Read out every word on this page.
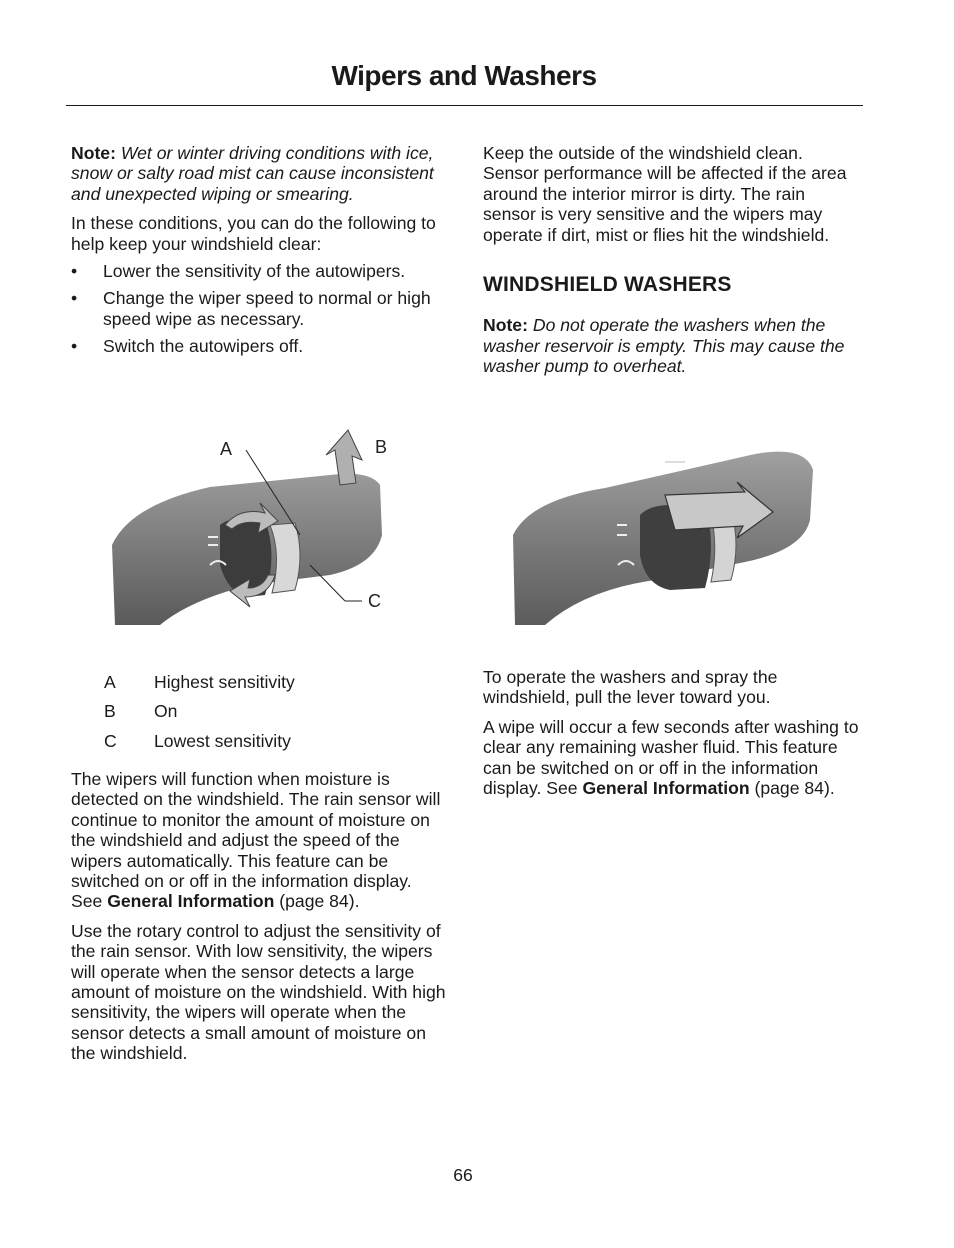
Wipers and Washers

Note: Wet or winter driving conditions with ice, snow or salty road mist can cause inconsistent and unexpected wiping or smearing.

In these conditions, you can do the following to help keep your windshield clear:

• Lower the sensitivity of the autowipers.
• Change the wiper speed to normal or high speed wipe as necessary.
• Switch the autowipers off.
A	B
C
A	Highest sensitivity
B	On
C	Lowest sensitivity

The wipers will function when moisture is detected on the windshield. The rain sensor will continue to monitor the amount of moisture on the windshield and adjust the speed of the wipers automatically. This feature can be switched on or off in the information display. See General Information (page 84).

Use the rotary control to adjust the sensitivity of the rain sensor. With low sensitivity, the wipers will operate when the sensor detects a large amount of moisture on the windshield. With high sensitivity, the wipers will operate when the sensor detects a small amount of moisture on the windshield.

Keep the outside of the windshield clean. Sensor performance will be affected if the area around the interior mirror is dirty. The rain sensor is very sensitive and the wipers may operate if dirt, mist or flies hit the windshield.

WINDSHIELD WASHERS

Note: Do not operate the washers when the washer reservoir is empty. This may cause the washer pump to overheat.

To operate the washers and spray the windshield, pull the lever toward you.

A wipe will occur a few seconds after washing to clear any remaining washer fluid. This feature can be switched on or off in the information display. See General Information (page 84).

66
